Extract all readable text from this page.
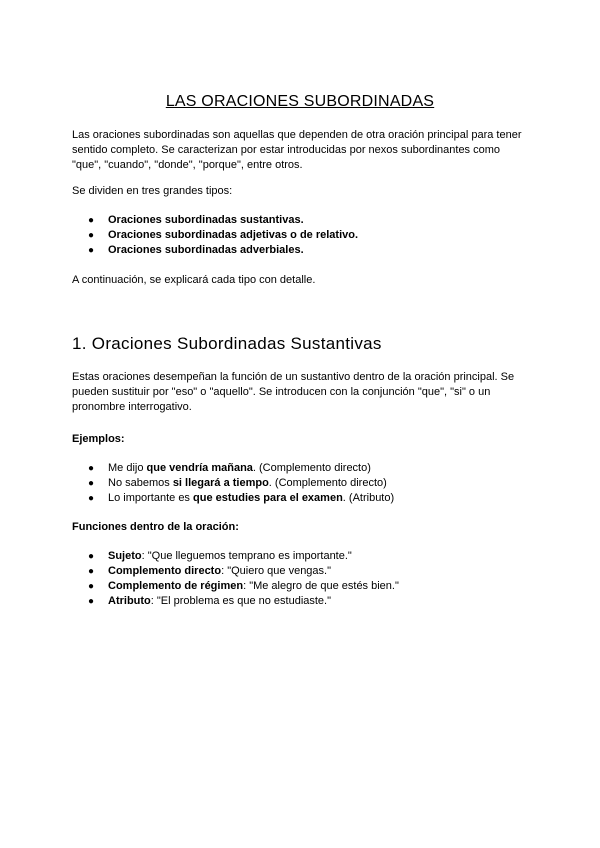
LAS ORACIONES SUBORDINADAS

Las oraciones subordinadas son aquellas que dependen de otra oración principal para tener sentido completo. Se caracterizan por estar introducidas por nexos subordinantes como "que", "cuando", "donde", "porque", entre otros.

Se dividen en tres grandes tipos:

● Oraciones subordinadas sustantivas.
● Oraciones subordinadas adjetivas o de relativo.
● Oraciones subordinadas adverbiales.

A continuación, se explicará cada tipo con detalle.

1. Oraciones Subordinadas Sustantivas

Estas oraciones desempeñan la función de un sustantivo dentro de la oración principal. Se pueden sustituir por "eso" o "aquello". Se introducen con la conjunción "que", "si" o un pronombre interrogativo.

Ejemplos:

● Me dijo que vendría mañana. (Complemento directo)
● No sabemos si llegará a tiempo. (Complemento directo)
● Lo importante es que estudies para el examen. (Atributo)

Funciones dentro de la oración:

● Sujeto: "Que lleguemos temprano es importante."
● Complemento directo: "Quiero que vengas."
● Complemento de régimen: "Me alegro de que estés bien."
● Atributo: "El problema es que no estudiaste."
